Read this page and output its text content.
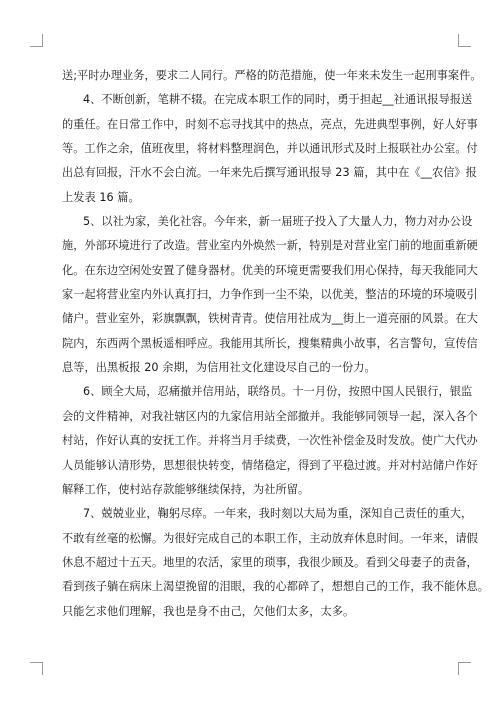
送;平时办理业务，要求二人同行。严格的防范措施，使一年来未发生一起刑事案件。
4、不断创新，笔耕不辍。在完成本职工作的同时，勇于担起__社通讯报导报送
的重任。在日常工作中，时刻不忘寻找其中的热点，亮点，先进典型事例，好人好事
等。工作之余，值班夜里，将材料整理润色，并以通讯形式及时上报联社办公室。付
出总有回报，汗水不会白流。一年来先后撰写通讯报导 23 篇，其中在《__农信》报
上发表 16 篇。
5、以社为家，美化社容。今年来，新一届班子投入了大量人力，物力对办公设
施，外部环境进行了改造。营业室内外焕然一新，特别是对营业室门前的地面重新硬
化。在东边空闲处安置了健身器材。优美的环境更需要我们用心保持，每天我能同大
家一起将营业室内外认真打扫，力争作到一尘不染，以优美，整洁的环境的环境吸引
储户。营业室外，彩旗飘飘，铁树青青。使信用社成为__街上一道亮丽的风景。在大
院内，东西两个黑板遥相呼应。我能用其所长，搜集精典小故事，名言警句，宣传信
息等，出黑板报 20 余期，为信用社文化建设尽自己的一份力。
6、顾全大局，忍痛撤并信用站，联络员。十一月份，按照中国人民银行，银监
会的文件精神，对我社辖区内的九家信用站全部撤并。我能够同领导一起，深入各个
村站，作好认真的安抚工作。并将当月手续费，一次性补偿金及时发放。使广大代办
人员能够认清形势，思想很快转变，情绪稳定，得到了平稳过渡。并对村站储户作好
解释工作，使村站存款能够继续保持，为社所留。
7、兢兢业业，鞠躬尽瘁。一年来，我时刻以大局为重，深知自己责任的重大，
不敢有丝毫的松懈。为很好完成自己的本职工作，主动放弃休息时间。一年来，请假
休息不超过十五天。地里的农活，家里的琐事，我很少顾及。看到父母妻子的责备，
看到孩子躺在病床上渴望挽留的泪眼，我的心都碎了，想想自己的工作，我不能休息。
只能乞求他们理解，我也是身不由己，欠他们太多，太多。
